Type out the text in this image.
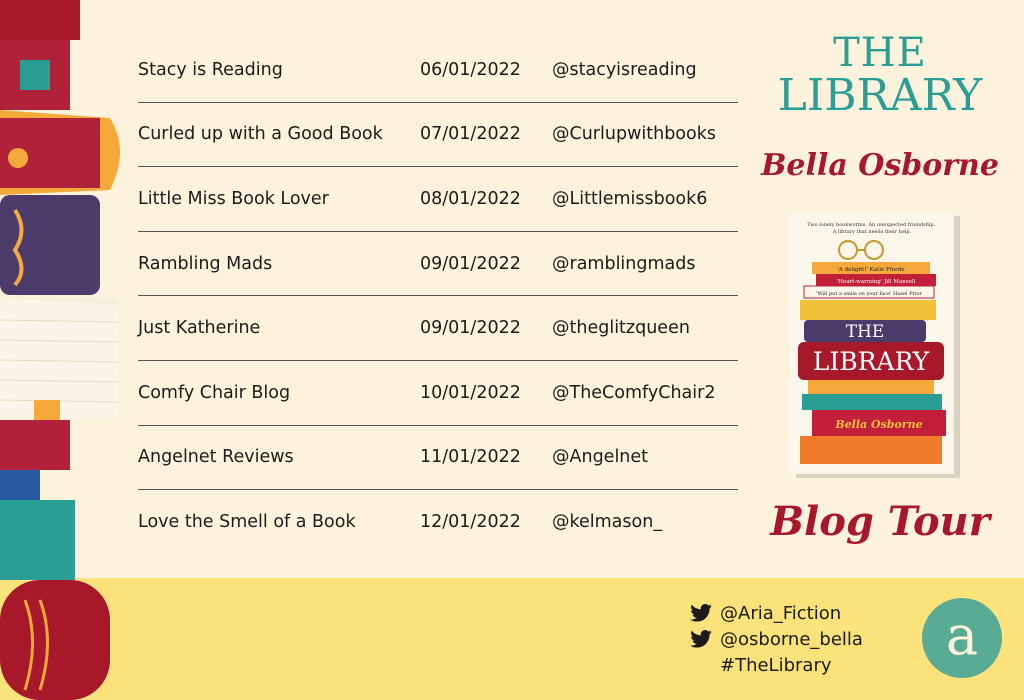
Stacy is Reading	06/01/2022 @stacyisreading
Curled up with a Good Book 07/01/2022 @Curlupwithbooks
Little Miss Book Lover	08/01/2022 @Littlemissbook6
Rambling Mads	09/01/2022 @ramblingmads
Just Katherine	09/01/2022 @theglitzqueen
Comfy Chair Blog	10/01/2022 @TheComfyChair2
Angelnet Reviews	11/01/2022 @Angelnet
Love the Smell of a Book	12/01/2022 @kelmason_
THE
LIBRARY
Bella Osborne
Two lonely bookworms. An unexpected friendship. A library that needs their help.
'A delight!' Katie Fforde
'Heart-warming' Jill Mansell
'Will put a smile on your face' Hazel Prior
THE
LIBRARY
Bella Osborne
Blog Tour
@Aria_Fiction
@osborne_bella
#TheLibrary	a
